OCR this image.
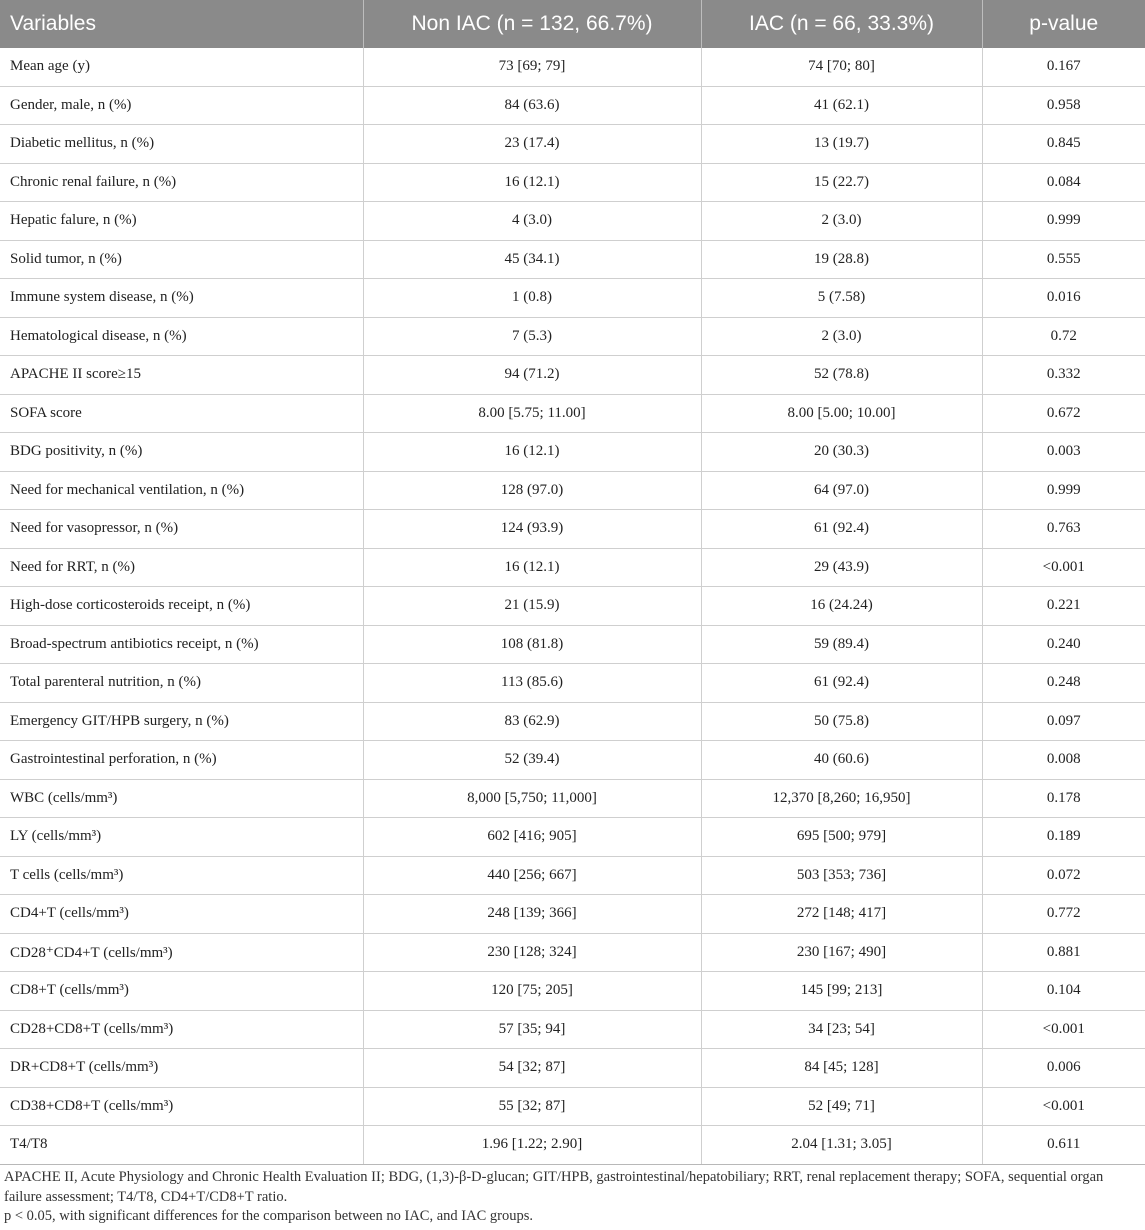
Variables	Non IAC (n = 132, 66.7%)	IAC (n = 66, 33.3%)	p-value
Mean age (y)	73 [69; 79]	74 [70; 80]	0.167
Gender, male, n (%)	84 (63.6)	41 (62.1)	0.958
Diabetic mellitus, n (%)	23 (17.4)	13 (19.7)	0.845
Chronic renal failure, n (%)	16 (12.1)	15 (22.7)	0.084
Hepatic falure, n (%)	4 (3.0)	2 (3.0)	0.999
Solid tumor, n (%)	45 (34.1)	19 (28.8)	0.555
Immune system disease, n (%)	1 (0.8)	5 (7.58)	0.016
Hematological disease, n (%)	7 (5.3)	2 (3.0)	0.72
APACHE II score≥15	94 (71.2)	52 (78.8)	0.332
SOFA score	8.00 [5.75; 11.00]	8.00 [5.00; 10.00]	0.672
BDG positivity, n (%)	16 (12.1)	20 (30.3)	0.003
Need for mechanical ventilation, n (%)	128 (97.0)	64 (97.0)	0.999
Need for vasopressor, n (%)	124 (93.9)	61 (92.4)	0.763
Need for RRT, n (%)	16 (12.1)	29 (43.9)	<0.001
High-dose corticosteroids receipt, n (%)	21 (15.9)	16 (24.24)	0.221
Broad-spectrum antibiotics receipt, n (%)	108 (81.8)	59 (89.4)	0.240
Total parenteral nutrition, n (%)	113 (85.6)	61 (92.4)	0.248
Emergency GIT/HPB surgery, n (%)	83 (62.9)	50 (75.8)	0.097
Gastrointestinal perforation, n (%)	52 (39.4)	40 (60.6)	0.008
WBC (cells/mm³)	8,000 [5,750; 11,000]	12,370 [8,260; 16,950]	0.178
LY (cells/mm³)	602 [416; 905]	695 [500; 979]	0.189
T cells (cells/mm³)	440 [256; 667]	503 [353; 736]	0.072
CD4+T (cells/mm³)	248 [139; 366]	272 [148; 417]	0.772
CD28⁺CD4+T (cells/mm³)	230 [128; 324]	230 [167; 490]	0.881
CD8+T (cells/mm³)	120 [75; 205]	145 [99; 213]	0.104
CD28+CD8+T (cells/mm³)	57 [35; 94]	34 [23; 54]	<0.001
DR+CD8+T (cells/mm³)	54 [32; 87]	84 [45; 128]	0.006
CD38+CD8+T (cells/mm³)	55 [32; 87]	52 [49; 71]	<0.001
T4/T8	1.96 [1.22; 2.90]	2.04 [1.31; 3.05]	0.611

APACHE II, Acute Physiology and Chronic Health Evaluation II; BDG, (1,3)-β-D-glucan; GIT/HPB, gastrointestinal/hepatobiliary; RRT, renal replacement therapy; SOFA, sequential organ failure assessment; T4/T8, CD4+T/CD8+T ratio.

p < 0.05, with significant differences for the comparison between no IAC, and IAC groups.
